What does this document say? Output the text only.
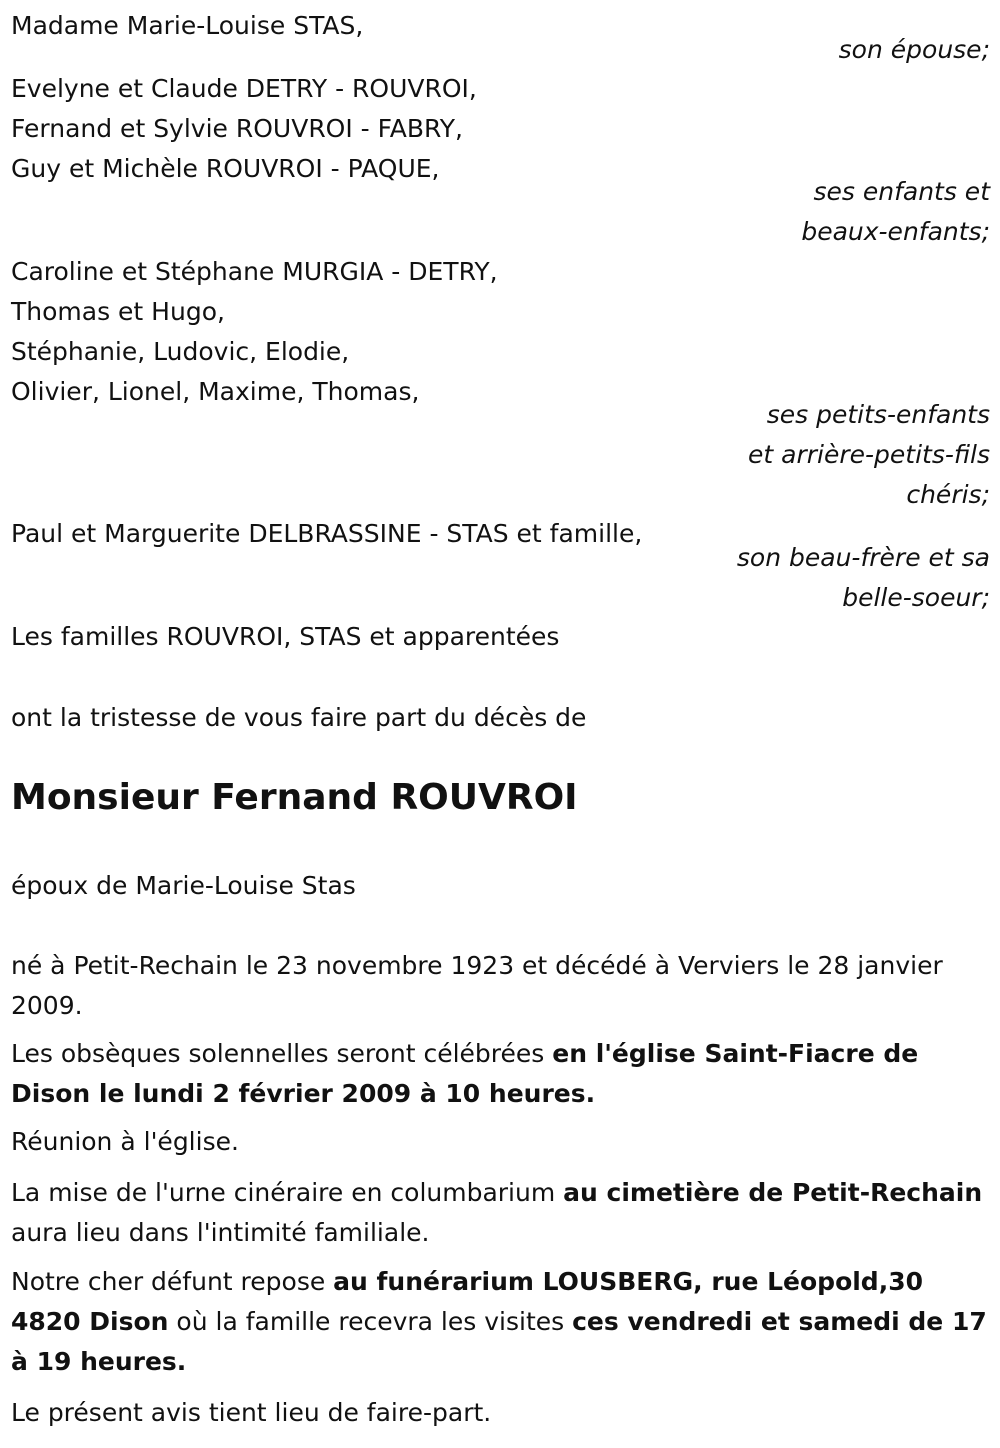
Madame Marie-Louise STAS,
son épouse;
Evelyne et Claude DETRY - ROUVROI,
Fernand et Sylvie ROUVROI - FABRY,
Guy et Michèle ROUVROI - PAQUE,
ses enfants et
beaux-enfants;
Caroline et Stéphane MURGIA - DETRY,
Thomas et Hugo,
Stéphanie, Ludovic, Elodie,
Olivier, Lionel, Maxime, Thomas,
ses petits-enfants
et arrière-petits-fils
chéris;
Paul et Marguerite DELBRASSINE - STAS et famille,
son beau-frère et sa
belle-soeur;
Les familles ROUVROI, STAS et apparentées
ont la tristesse de vous faire part du décès de
Monsieur Fernand ROUVROI
époux de Marie-Louise Stas
né à Petit-Rechain le 23 novembre 1923 et décédé à Verviers le 28 janvier 2009.
Les obsèques solennelles seront célébrées en l'église Saint-Fiacre de Dison le lundi 2 février 2009 à 10 heures.
Réunion à l'église.
La mise de l'urne cinéraire en columbarium au cimetière de Petit-Rechain aura lieu dans l'intimité familiale.
Notre cher défunt repose au funérarium LOUSBERG, rue Léopold,30 4820 Dison où la famille recevra les visites ces vendredi et samedi de 17 à 19 heures.
Le présent avis tient lieu de faire-part.
